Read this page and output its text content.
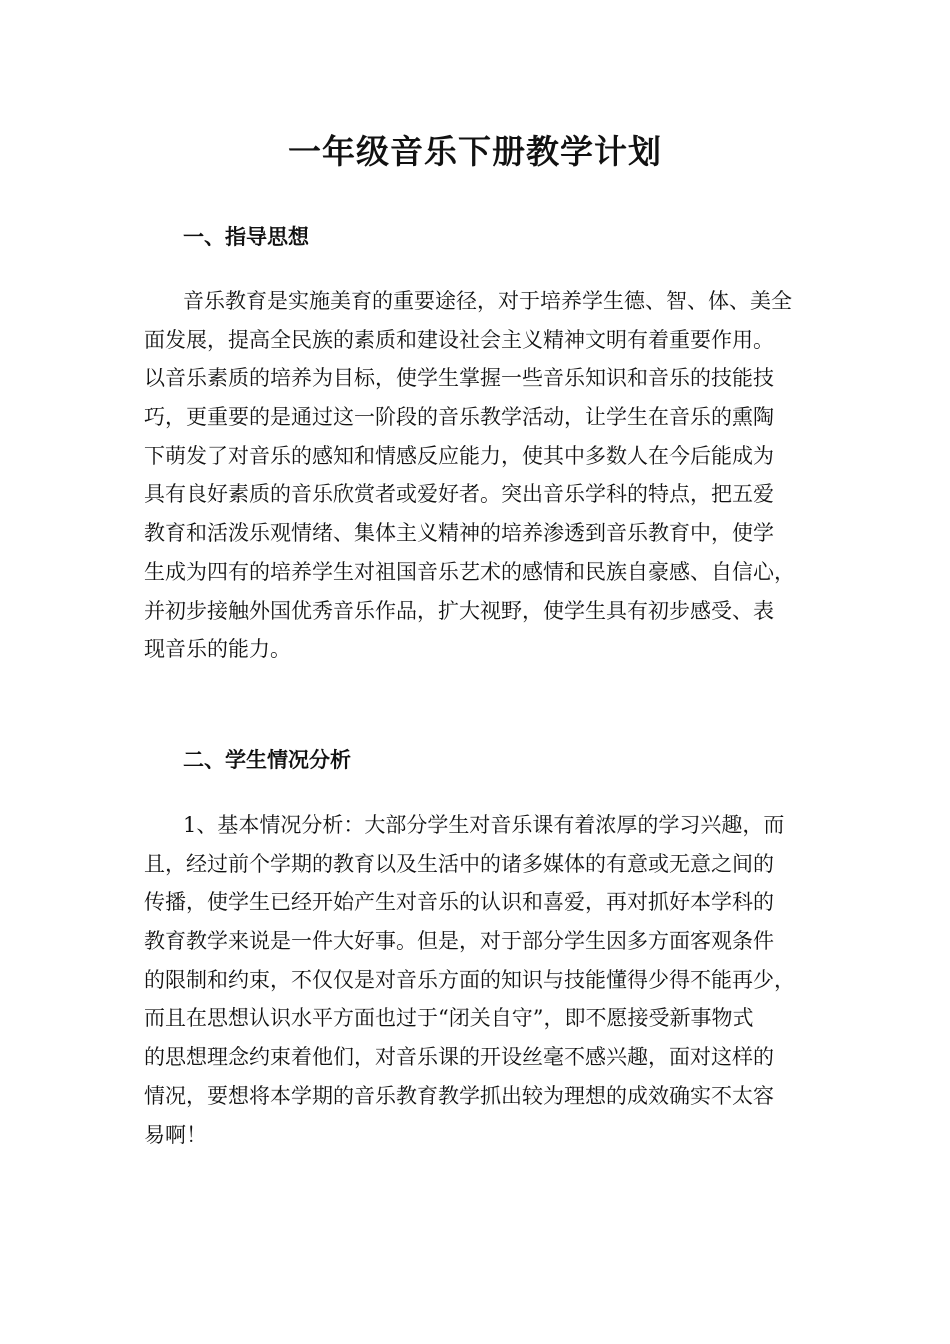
一年级音乐下册教学计划
一、指导思想
音乐教育是实施美育的重要途径，对于培养学生德、智、体、美全
面发展，提高全民族的素质和建设社会主义精神文明有着重要作用。
以音乐素质的培养为目标，使学生掌握一些音乐知识和音乐的技能技
巧，更重要的是通过这一阶段的音乐教学活动，让学生在音乐的熏陶
下萌发了对音乐的感知和情感反应能力，使其中多数人在今后能成为
具有良好素质的音乐欣赏者或爱好者。突出音乐学科的特点，把五爱
教育和活泼乐观情绪、集体主义精神的培养渗透到音乐教育中，使学
生成为四有的培养学生对祖国音乐艺术的感情和民族自豪感、自信心，
并初步接触外国优秀音乐作品，扩大视野，使学生具有初步感受、表
现音乐的能力。
二、学生情况分析
1、基本情况分析：大部分学生对音乐课有着浓厚的学习兴趣，而
且，经过前个学期的教育以及生活中的诸多媒体的有意或无意之间的
传播，使学生已经开始产生对音乐的认识和喜爱，再对抓好本学科的
教育教学来说是一件大好事。但是，对于部分学生因多方面客观条件
的限制和约束，不仅仅是对音乐方面的知识与技能懂得少得不能再少，
而且在思想认识水平方面也过于“闭关自守”，即不愿接受新事物式
的思想理念约束着他们，对音乐课的开设丝毫不感兴趣，面对这样的
情况，要想将本学期的音乐教育教学抓出较为理想的成效确实不太容
易啊！
